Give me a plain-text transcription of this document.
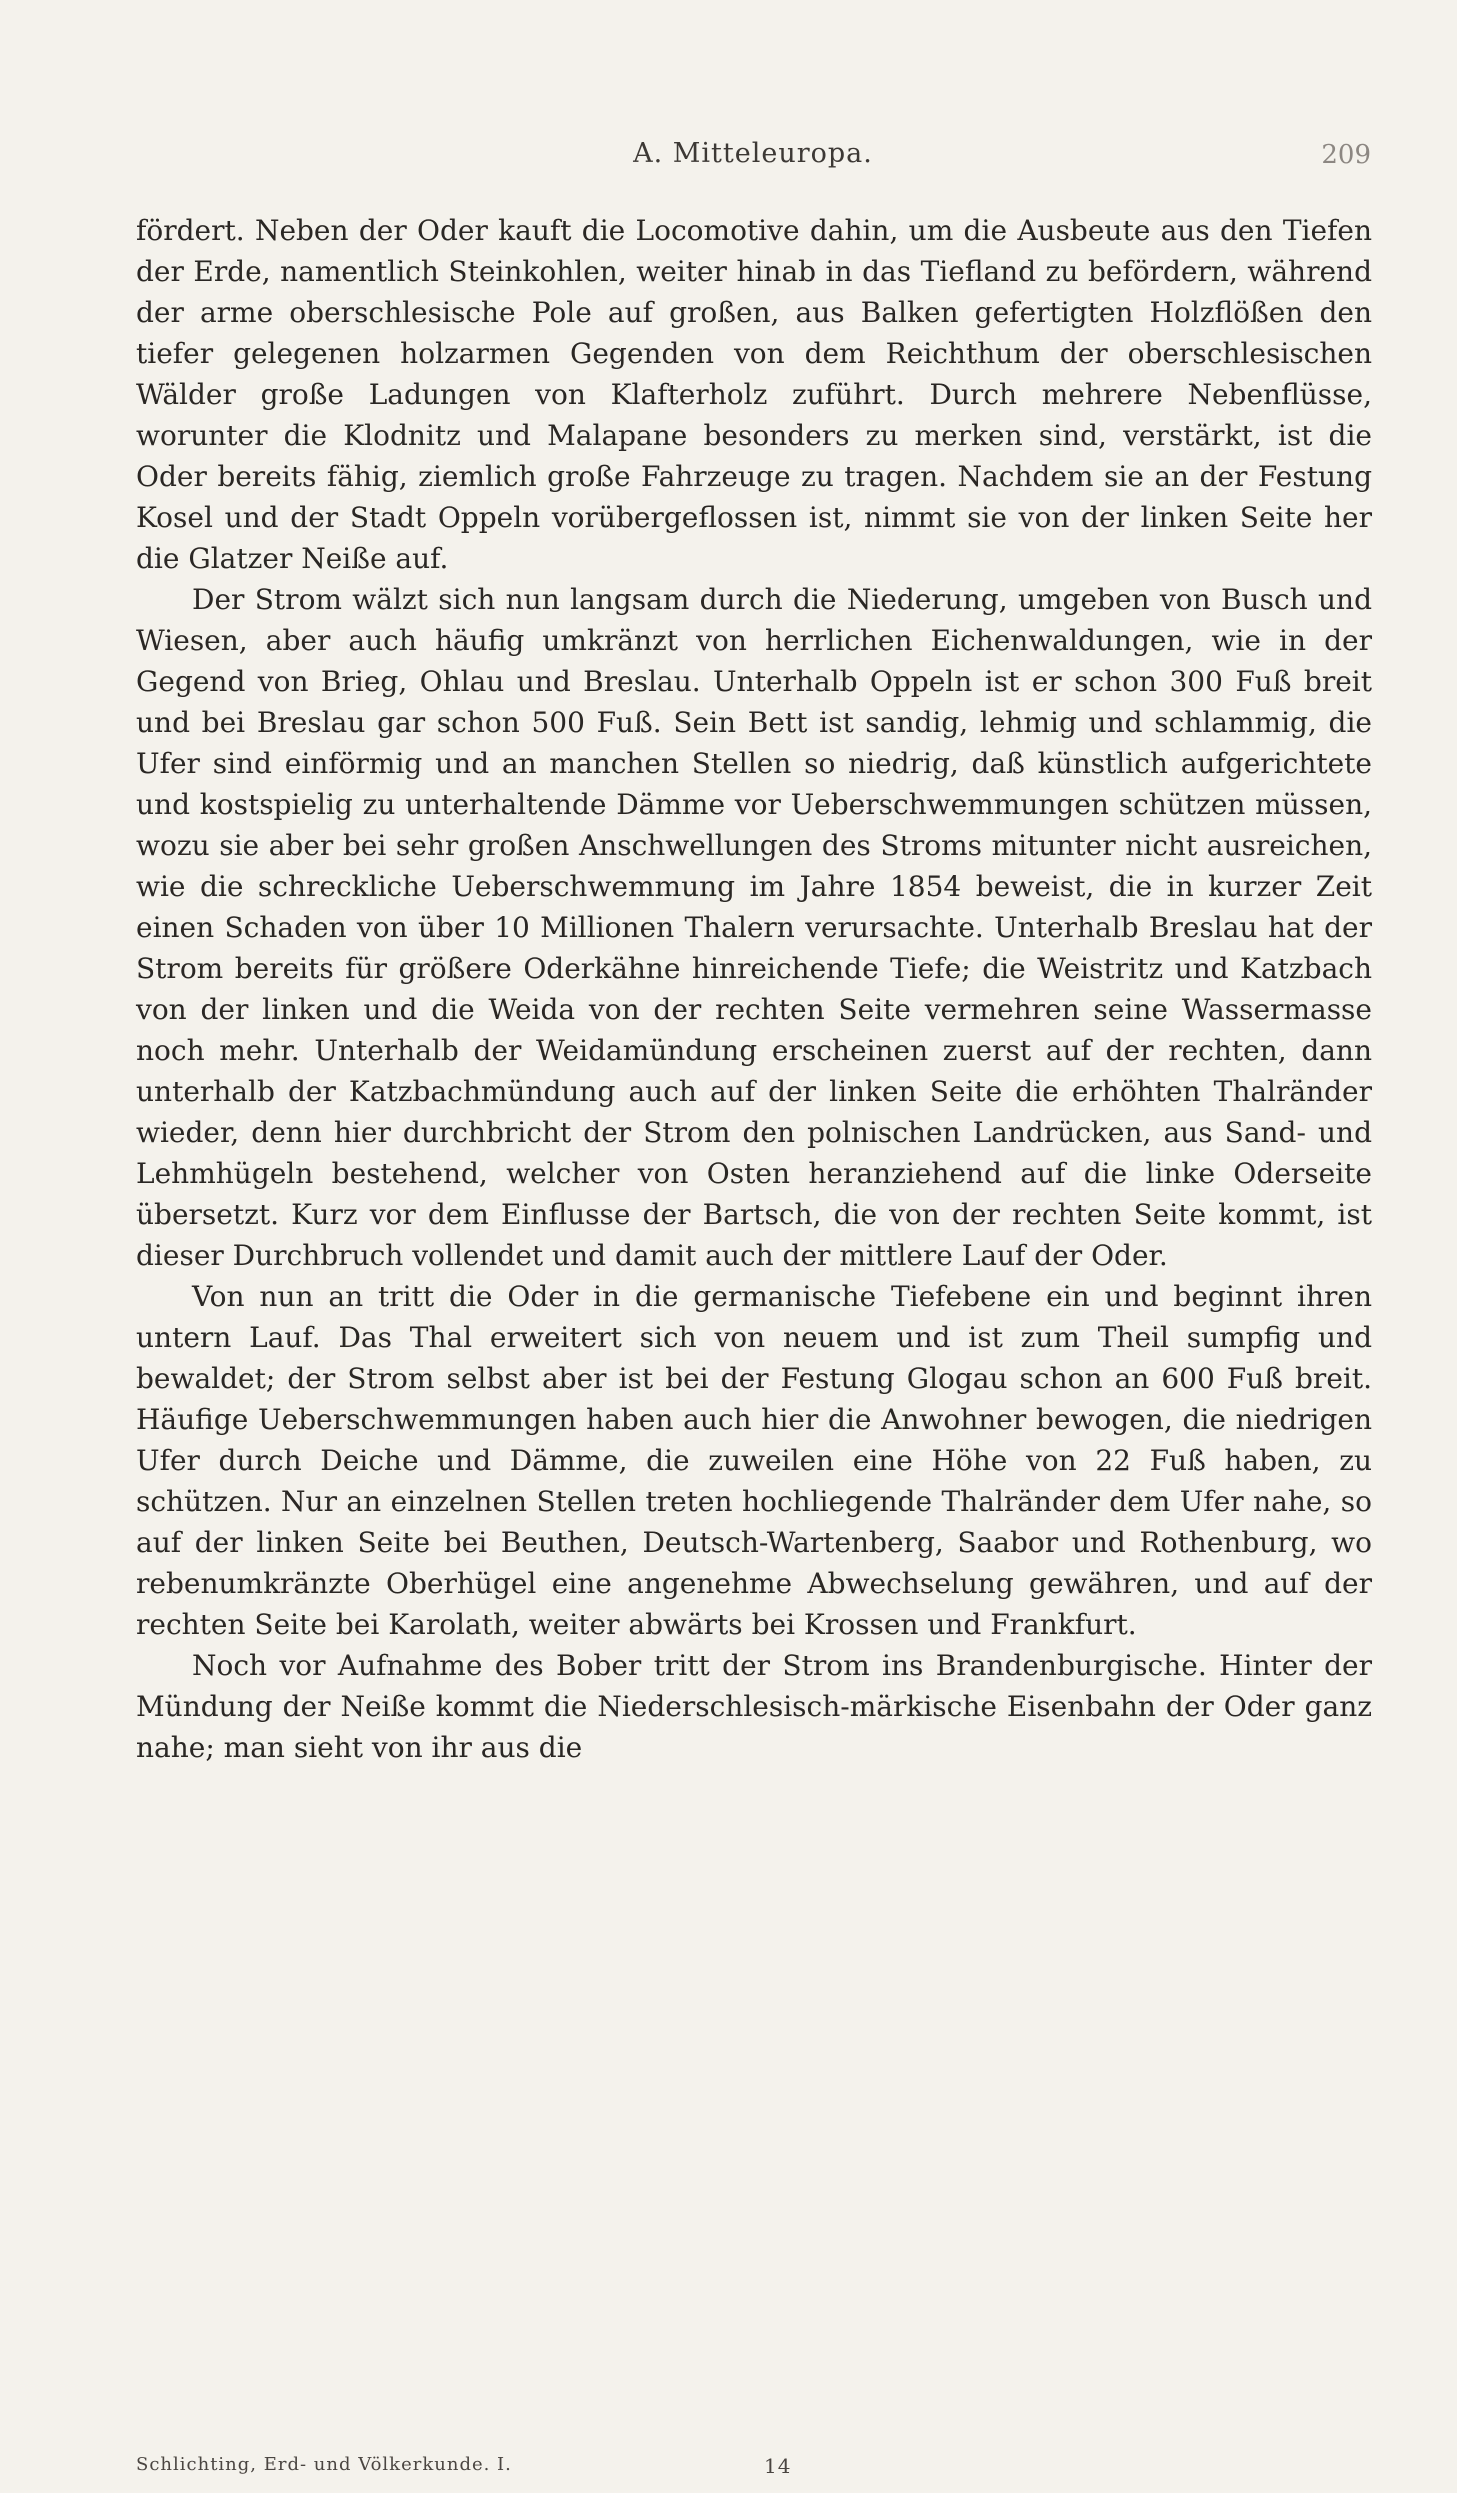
A. Mitteleuropa.	209

fördert. Neben der Oder kauft die Locomotive dahin, um die Ausbeute aus den Tiefen der Erde, namentlich Steinkohlen, weiter hinab in das Tiefland zu befördern, während der arme oberschlesische Pole auf großen, aus Balken gefertigten Holzflößen den tiefer gelegenen holzarmen Gegenden von dem Reichthum der oberschlesischen Wälder große Ladungen von Klafterholz zuführt. Durch mehrere Nebenflüsse, worunter die Klodnitz und Malapane besonders zu merken sind, verstärkt, ist die Oder bereits fähig, ziemlich große Fahrzeuge zu tragen. Nachdem sie an der Festung Kosel und der Stadt Oppeln vorübergeflossen ist, nimmt sie von der linken Seite her die Glatzer Neiße auf.

Der Strom wälzt sich nun langsam durch die Niederung, umgeben von Busch und Wiesen, aber auch häufig umkränzt von herrlichen Eichenwaldungen, wie in der Gegend von Brieg, Ohlau und Breslau. Unterhalb Oppeln ist er schon 300 Fuß breit und bei Breslau gar schon 500 Fuß. Sein Bett ist sandig, lehmig und schlammig, die Ufer sind einförmig und an manchen Stellen so niedrig, daß künstlich aufgerichtete und kostspielig zu unterhaltende Dämme vor Ueberschwemmungen schützen müssen, wozu sie aber bei sehr großen Anschwellungen des Stroms mitunter nicht ausreichen, wie die schreckliche Ueberschwemmung im Jahre 1854 beweist, die in kurzer Zeit einen Schaden von über 10 Millionen Thalern verursachte. Unterhalb Breslau hat der Strom bereits für größere Oderkähne hinreichende Tiefe; die Weistritz und Katzbach von der linken und die Weida von der rechten Seite vermehren seine Wassermasse noch mehr. Unterhalb der Weidamündung erscheinen zuerst auf der rechten, dann unterhalb der Katzbachmündung auch auf der linken Seite die erhöhten Thalränder wieder, denn hier durchbricht der Strom den polnischen Landrücken, aus Sand- und Lehmhügeln bestehend, welcher von Osten heranziehend auf die linke Oderseite übersetzt. Kurz vor dem Einflusse der Bartsch, die von der rechten Seite kommt, ist dieser Durchbruch vollendet und damit auch der mittlere Lauf der Oder.

Von nun an tritt die Oder in die germanische Tiefebene ein und beginnt ihren untern Lauf. Das Thal erweitert sich von neuem und ist zum Theil sumpfig und bewaldet; der Strom selbst aber ist bei der Festung Glogau schon an 600 Fuß breit. Häufige Ueberschwemmungen haben auch hier die Anwohner bewogen, die niedrigen Ufer durch Deiche und Dämme, die zuweilen eine Höhe von 22 Fuß haben, zu schützen. Nur an einzelnen Stellen treten hochliegende Thalränder dem Ufer nahe, so auf der linken Seite bei Beuthen, Deutsch-Wartenberg, Saabor und Rothenburg, wo rebenumkränzte Oberhügel eine angenehme Abwechselung gewähren, und auf der rechten Seite bei Karolath, weiter abwärts bei Krossen und Frankfurt.

Noch vor Aufnahme des Bober tritt der Strom ins Brandenburgische. Hinter der Mündung der Neiße kommt die Niederschlesisch-märkische Eisenbahn der Oder ganz nahe; man sieht von ihr aus die

Schlichting, Erd- und Völkerkunde. I.	14
